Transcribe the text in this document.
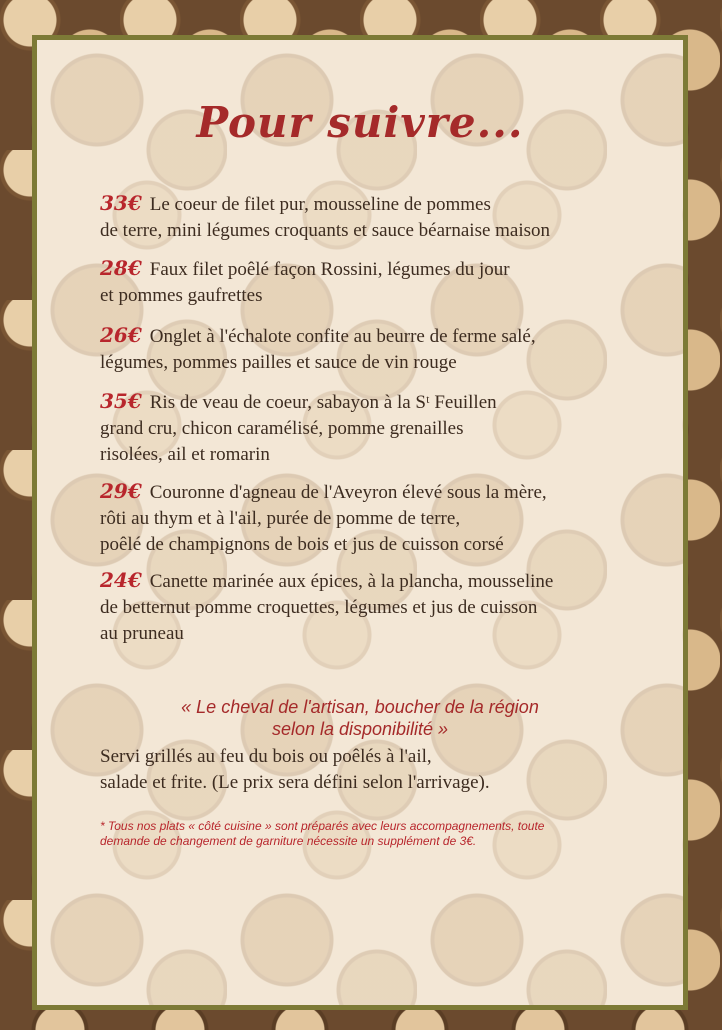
Pour suivre...
33€ Le coeur de filet pur, mousseline de pommes
de terre, mini légumes croquants et sauce béarnaise maison
28€ Faux filet poêlé façon Rossini, légumes du jour
et pommes gaufrettes
26€ Onglet à l'échalote confite au beurre de ferme salé,
légumes, pommes pailles et sauce de vin rouge
35€ Ris de veau de coeur, sabayon à la Sᵗ Feuillen
grand cru, chicon caramélisé, pomme grenailles
risolées, ail et romarin
29€ Couronne d'agneau de l'Aveyron élevé sous la mère,
rôti au thym et à l'ail, purée de pomme de terre,
poêlé de champignons de bois et jus de cuisson corsé
24€ Canette marinée aux épices, à la plancha, mousseline
de betternut pomme croquettes, légumes et jus de cuisson
au pruneau
« Le cheval de l'artisan, boucher de la région
selon la disponibilité »
Servi grillés au feu du bois ou poêlés à l'ail,
salade et frite. (Le prix sera défini selon l'arrivage).
* Tous nos plats « côté cuisine » sont préparés avec leurs accompagnements, toute
demande de changement de garniture nécessite un supplément de 3€.
